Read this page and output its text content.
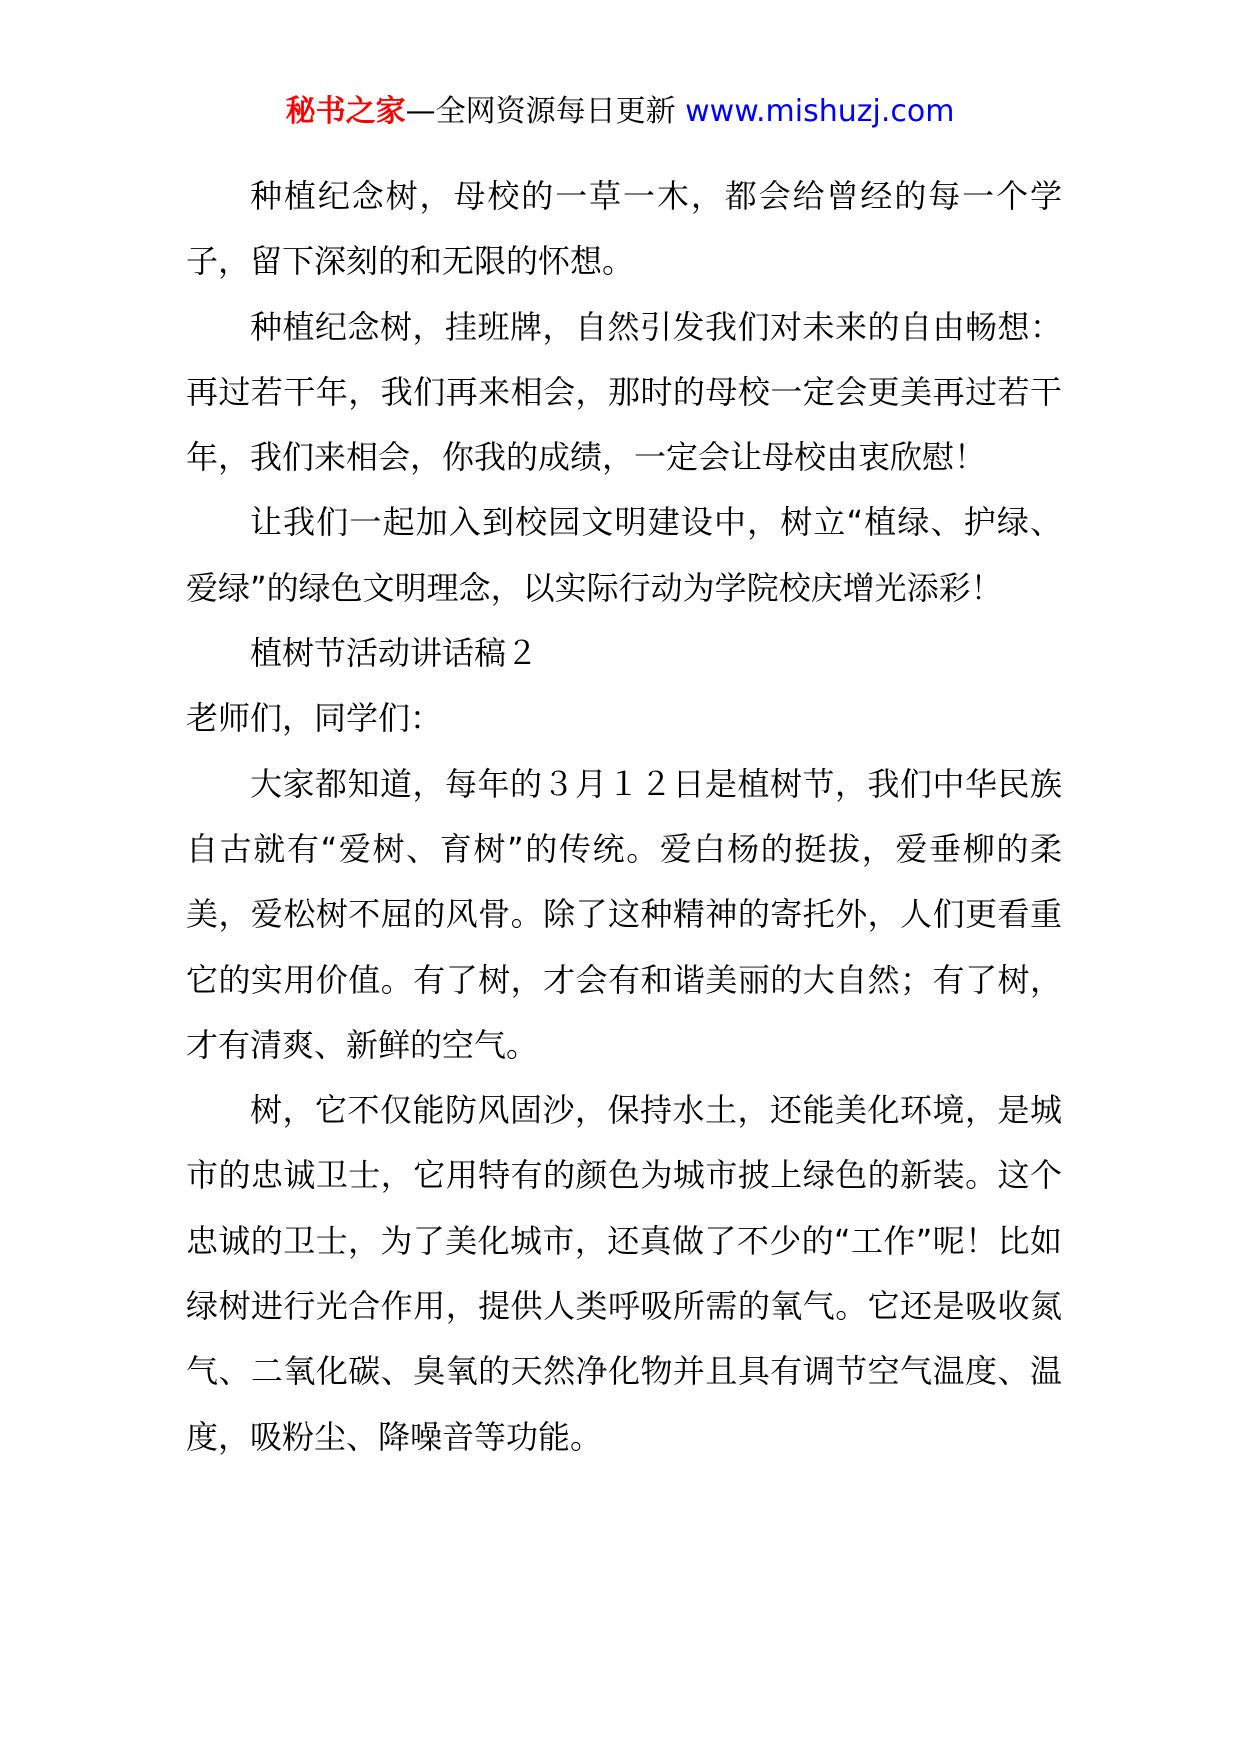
秘书之家—全网资源每日更新 www.mishuzj.com

种植纪念树，母校的一草一木，都会给曾经的每一个学子，留下深刻的和无限的怀想。

种植纪念树，挂班牌，自然引发我们对未来的自由畅想：再过若干年，我们再来相会，那时的母校一定会更美再过若干年，我们来相会，你我的成绩，一定会让母校由衷欣慰！

让我们一起加入到校园文明建设中，树立“植绿、护绿、爱绿”的绿色文明理念，以实际行动为学院校庆增光添彩！

植树节活动讲话稿２

老师们，同学们：

大家都知道，每年的３月１２日是植树节，我们中华民族自古就有“爱树、育树”的传统。爱白杨的挺拔，爱垂柳的柔美，爱松树不屈的风骨。除了这种精神的寄托外，人们更看重它的实用价值。有了树，才会有和谐美丽的大自然；有了树，才有清爽、新鲜的空气。

树，它不仅能防风固沙，保持水土，还能美化环境，是城市的忠诚卫士，它用特有的颜色为城市披上绿色的新装。这个忠诚的卫士，为了美化城市，还真做了不少的“工作”呢！比如绿树进行光合作用，提供人类呼吸所需的氧气。它还是吸收氮气、二氧化碳、臭氧的天然净化物并且具有调节空气温度、温度，吸粉尘、降噪音等功能。
